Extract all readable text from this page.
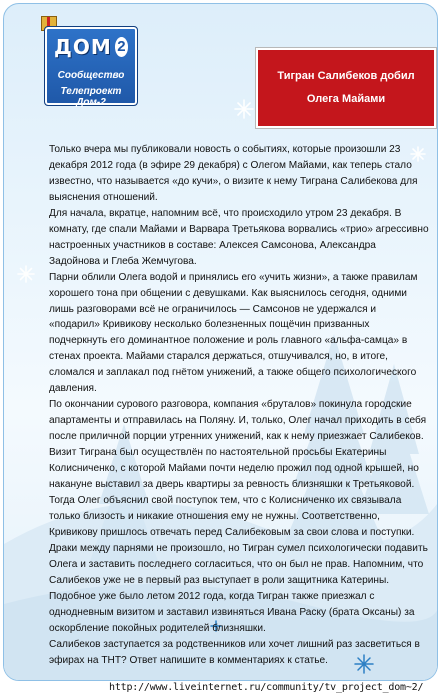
ДОМ 2
Сообщество
Телепроект Дом-2
Тигран Салибеков добил Олега Майами

Только вчера мы публиковали новость о событиях, которые произошли 23 декабря 2012 года (в эфире 29 декабря) с Олегом Майами, как теперь стало известно, что называется «до кучи», о визите к нему Тиграна Салибекова для выяснения отношений.

Для начала, вкратце, напомним всё, что происходило утром 23 декабря. В комнату, где спали Майами и Варвара Третьякова ворвались «трио» агрессивно настроенных участников в составе: Алексея Самсонова, Александра Задойнова и Глеба Жемчугова.

Парни облили Олега водой и принялись его «учить жизни», а также правилам хорошего тона при общении с девушками. Как выяснилось сегодня, одними лишь разговорами всё не ограничилось — Самсонов не удержался и «подарил» Кривикову несколько болезненных пощёчин призванных подчеркнуть его доминантное положение и роль главного «альфа-самца» в стенах проекта. Майами старался держаться, отшучивался, но, в итоге, сломался и заплакал под гнётом унижений, а также общего психологического давления.

По окончании сурового разговора, компания «бруталов» покинула городские апартаменты и отправилась на Поляну. И, только, Олег начал приходить в себя после приличной порции утренних унижений, как к нему приезжает Салибеков. Визит Тиграна был осуществлён по настоятельной просьбы Екатерины Колисниченко, с которой Майами почти неделю прожил под одной крышей, но накануне выставил за дверь квартиры за ревность близняшки к Третьяковой. Тогда Олег объяснил свой поступок тем, что с Колисниченко их связывала только близость и никакие отношения ему не нужны. Соответственно, Кривикову пришлось отвечать перед Салибековым за свои слова и поступки.

Драки между парнями не произошло, но Тигран сумел психологически подавить Олега и заставить последнего согласиться, что он был не прав. Напомним, что Салибеков уже не в первый раз выступает в роли защитника Катерины. Подобное уже было летом 2012 года, когда Тигран также приезжал с однодневным визитом и заставил извиняться Ивана Раску (брата Оксаны) за оскорбление покойных родителей близняшки.

Салибеков заступается за родственников или хочет лишний раз засветиться в эфирах на ТНТ? Ответ напишите в комментариях к статье.

http://www.liveinternet.ru/community/tv_project_dom~2/
